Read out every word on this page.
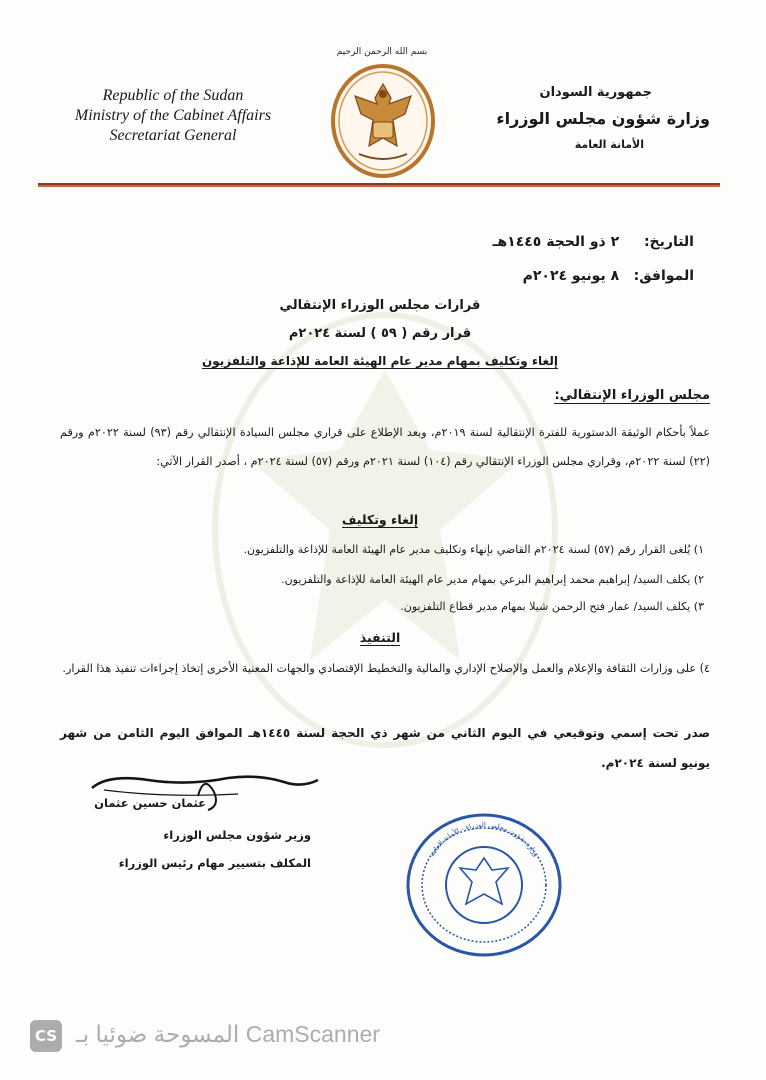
Republic of the Sudan
Ministry of the Cabinet Affairs
Secretariat General
بسم الله الرحمن الرحيم
جمهورية السودان
وزارة شؤون مجلس الوزراء
الأمانة العامة
التاريخ: ٢ ذو الحجة ١٤٤٥هـ
الموافق: ٨ يونيو ٢٠٢٤م
قرارات مجلس الوزراء الإنتقالي
قرار رقم ( ٥٩ ) لسنة ٢٠٢٤م
إلغاء وتكليف بمهام مدير عام الهيئة العامة للإذاعة والتلفزيون
مجلس الوزراء الإنتقالي:
عملاً بأحكام الوثيقة الدستورية للفترة الإنتقالية لسنة ٢٠١٩م، وبعد الإطلاع على قراري مجلس السيادة الإنتقالي رقم (٩٣) لسنة ٢٠٢٢م ورقم (٢٢) لسنة ٢٠٢٢م، وقراري مجلس الوزراء الإنتقالي رقم (١٠٤) لسنة ٢٠٢١م ورقم (٥٧) لسنة ٢٠٢٤م ، أصدر القرار الآتي:
إلغاء وتكليف
١) يُلغى القرار رقم (٥٧) لسنة ٢٠٢٤م القاضي بإنهاء وتكليف مدير عام الهيئة العامة للإذاعة والتلفزيون.
٢) يكلف السيد/ إبراهيم محمد إبراهيم البزعي بمهام مدير عام الهيئة العامة للإذاعة والتلفزيون.
٣) يكلف السيد/ عمار فتح الرحمن شيلا بمهام مدير قطاع التلفزيون.
التنفيذ
٤) على وزارات الثقافة والإعلام والعمل والإصلاح الإداري والمالية والتخطيط الإقتصادي والجهات المعنية الأخرى إتخاذ إجراءات تنفيذ هذا القرار.
صدر تحت إسمي وتوقيعي في اليوم الثاني من شهر ذي الحجة لسنة ١٤٤٥هـ الموافق اليوم الثامن من شهر يونيو لسنة ٢٠٢٤م.
عثمان حسين عثمان
وزير شؤون مجلس الوزراء
المكلف بتسيير مهام رئيس الوزراء
وزارة شؤون مجلس الوزراء - الأمانة العامة
CS المسوحة ضوئيا بـ CamScanner
